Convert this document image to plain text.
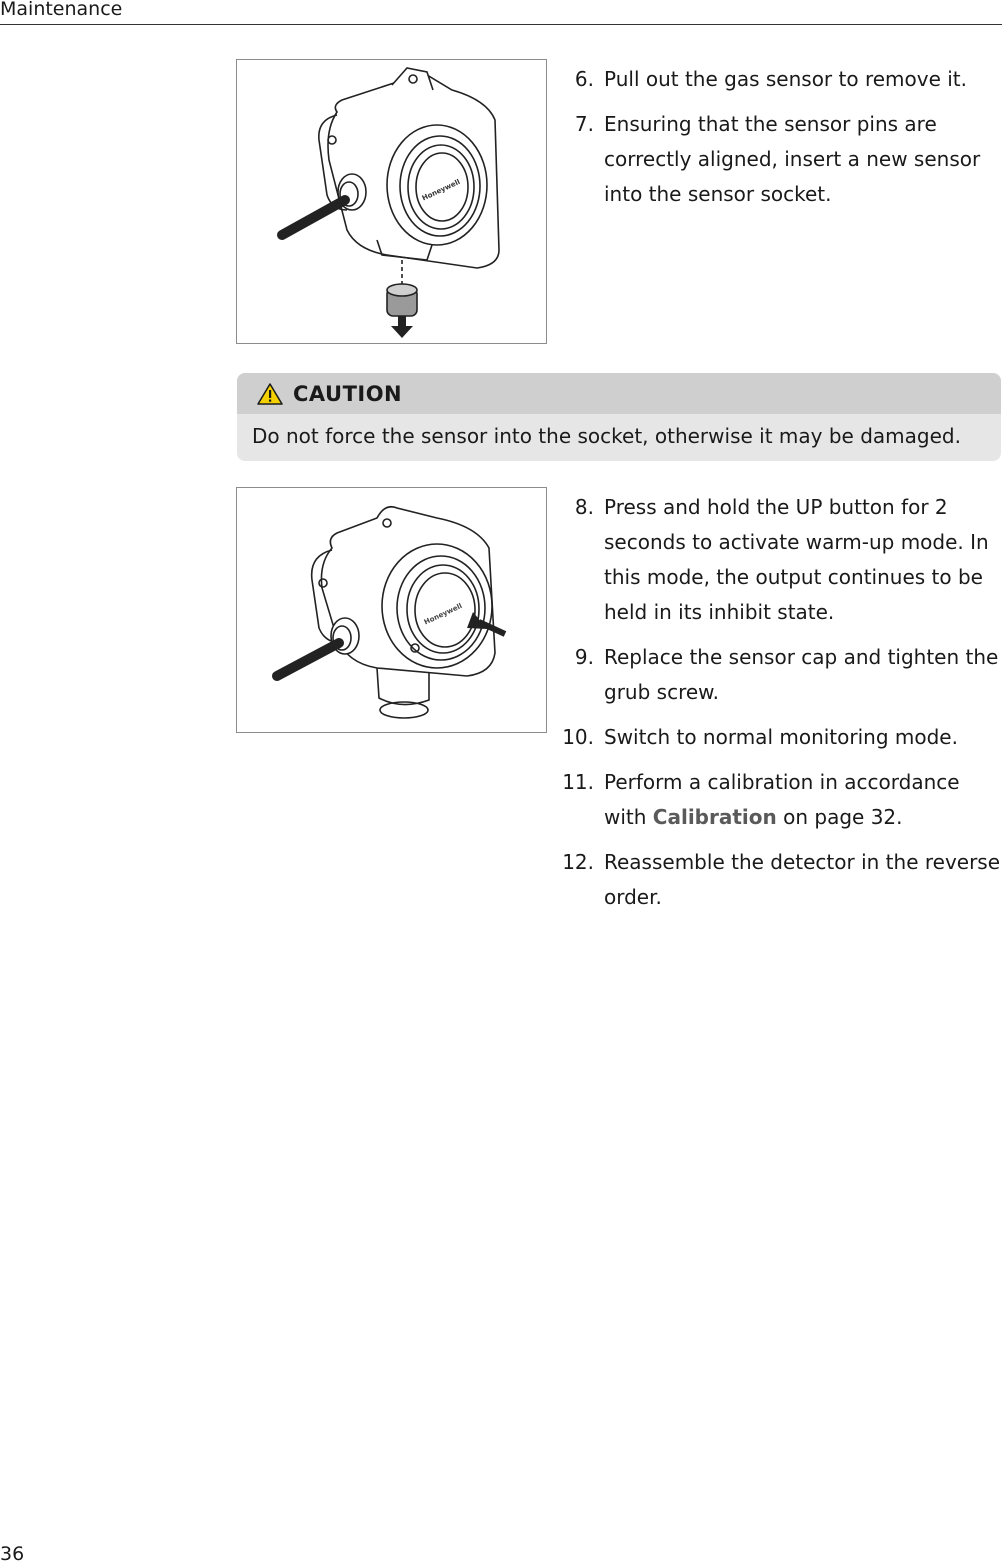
Maintenance
Honeywell
6. Pull out the gas sensor to remove it.
7. Ensuring that the sensor pins are correctly aligned, insert a new sensor into the sensor socket.
CAUTION
Do not force the sensor into the socket, otherwise it may be damaged.
Honeywell
8. Press and hold the UP button for 2 seconds to activate warm-up mode. In this mode, the output continues to be held in its inhibit state.
9. Replace the sensor cap and tighten the grub screw.
10. Switch to normal monitoring mode.
11. Perform a calibration in accordance with Calibration on page 32.
12. Reassemble the detector in the reverse order.
36
